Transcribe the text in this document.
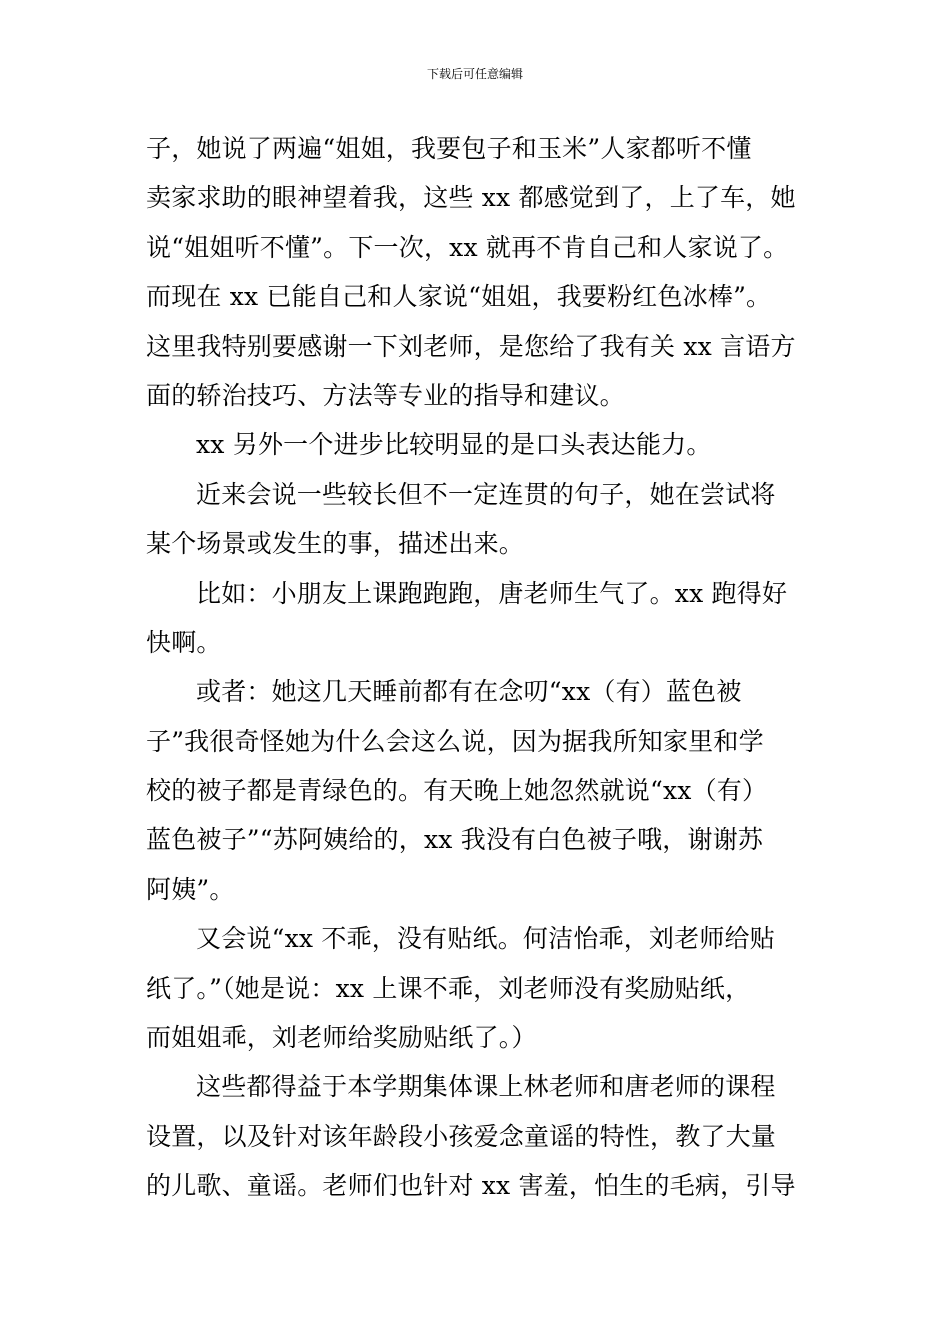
下载后可任意编辑
子，她说了两遍“姐姐，我要包子和玉米”人家都听不懂
卖家求助的眼神望着我，这些 xx 都感觉到了，上了车，她
说“姐姐听不懂”。下一次，xx 就再不肯自己和人家说了。
而现在 xx 已能自己和人家说“姐姐，我要粉红色冰棒”。
这里我特别要感谢一下刘老师，是您给了我有关 xx 言语方
面的轿治技巧、方法等专业的指导和建议。
xx 另外一个进步比较明显的是口头表达能力。
近来会说一些较长但不一定连贯的句子，她在尝试将
某个场景或发生的事，描述出来。
比如：小朋友上课跑跑跑，唐老师生气了。xx 跑得好
快啊。
或者：她这几天睡前都有在念叨“xx（有）蓝色被
子”我很奇怪她为什么会这么说，因为据我所知家里和学
校的被子都是青绿色的。有天晚上她忽然就说“xx（有）
蓝色被子”“苏阿姨给的，xx 我没有白色被子哦，谢谢苏
阿姨”。
又会说“xx 不乖，没有贴纸。何洁怡乖，刘老师给贴
纸了。”（她是说：xx 上课不乖，刘老师没有奖励贴纸，
而姐姐乖，刘老师给奖励贴纸了。）
这些都得益于本学期集体课上林老师和唐老师的课程
设置，以及针对该年龄段小孩爱念童谣的特性，教了大量
的儿歌、童谣。老师们也针对 xx 害羞，怕生的毛病，引导
